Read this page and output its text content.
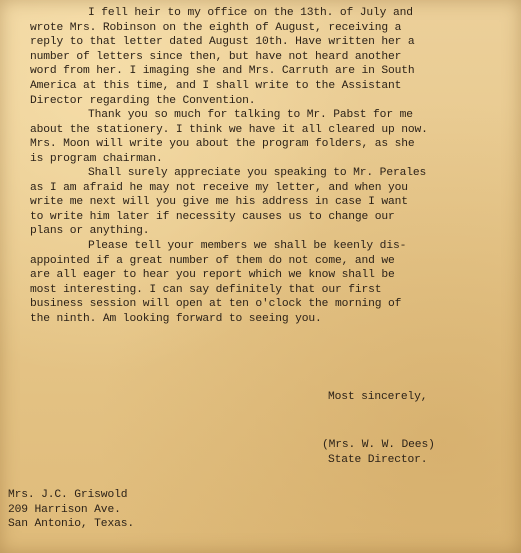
I fell heir to my office on the 13th. of July and
wrote Mrs. Robinson on the eighth of August, receiving a
reply to that letter dated August 10th. Have written her a
number of letters since then, but have not heard another
word from her. I imaging she and Mrs. Carruth are in South
America at this time, and I shall write to the Assistant
Director regarding the Convention.
Thank you so much for talking to Mr. Pabst for me
about the stationery. I think we have it all cleared up now.
Mrs. Moon will write you about the program folders, as she
is program chairman.
Shall surely appreciate you speaking to Mr. Perales
as I am afraid he may not receive my letter, and when you
write me next will you give me his address in case I want
to write him later if necessity causes us to change our
plans or anything.
Please tell your members we shall be keenly dis-
appointed if a great number of them do not come, and we
are all eager to hear you report which we know shall be
most interesting. I can say definitely that our first
business session will open at ten o'clock the morning of
the ninth. Am looking forward to seeing you.
Most sincerely,
(Mrs. W. W. Dees)
State Director.
Mrs. J.C. Griswold
209 Harrison Ave.
San Antonio, Texas.
